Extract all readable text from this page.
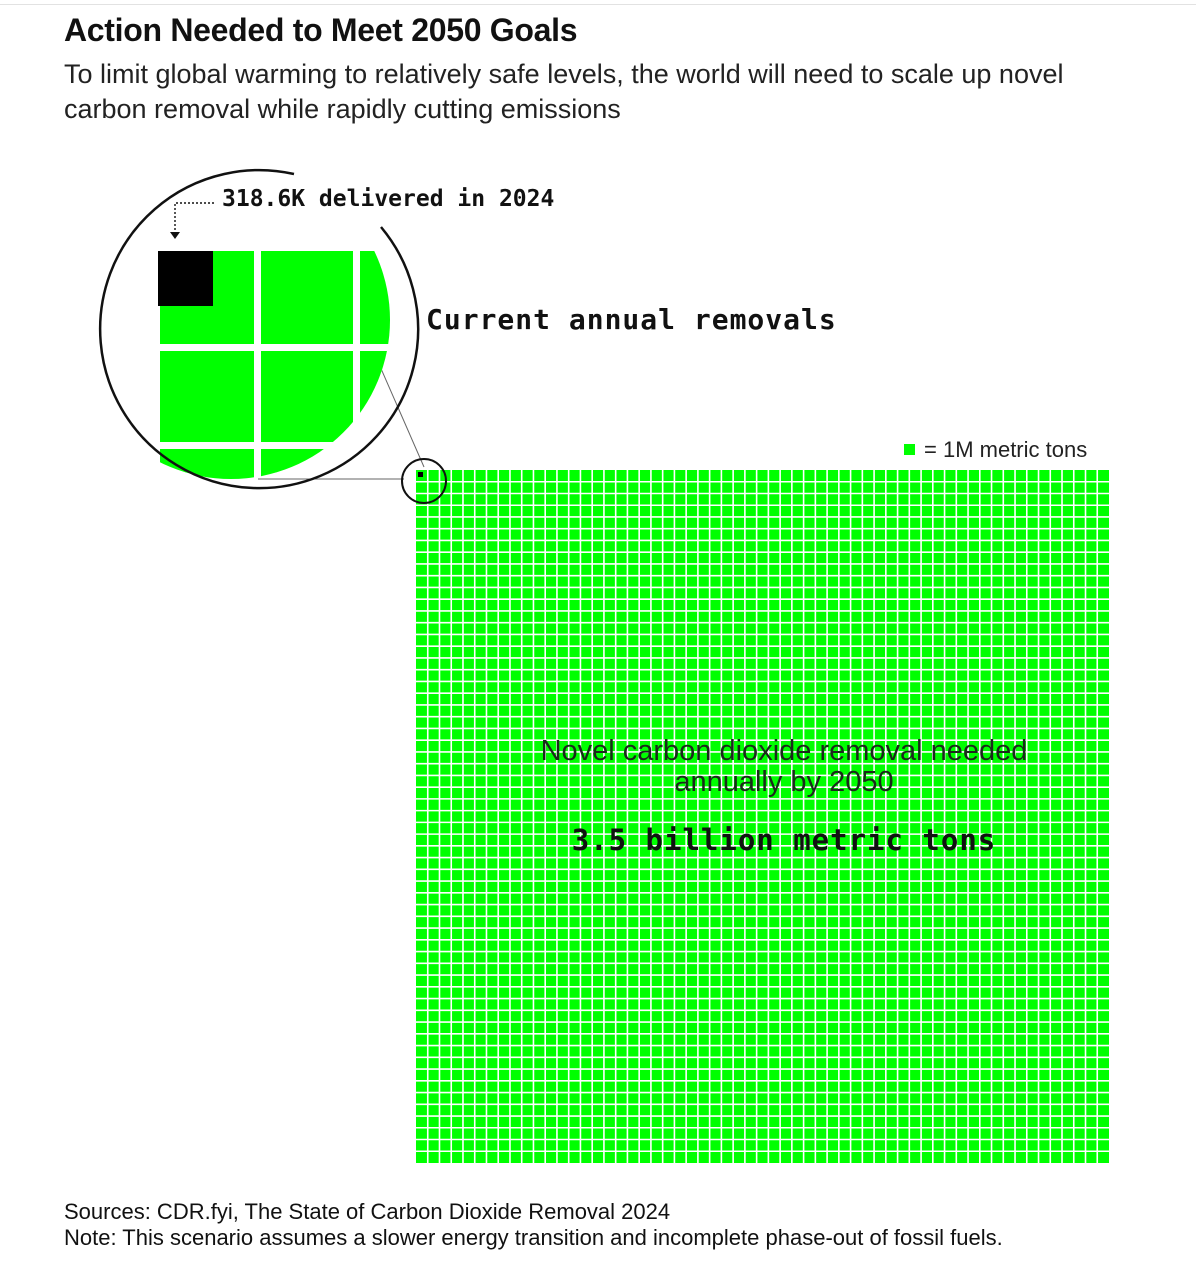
Action Needed to Meet 2050 Goals

To limit global warming to relatively safe levels, the world will need to scale up novel carbon removal while rapidly cutting emissions

= 1M metric tons
318.6K delivered in 2024
Current annual removals
Novel carbon dioxide removal needed
annually by 2050
3.5 billion metric tons
Sources: CDR.fyi, The State of Carbon Dioxide Removal 2024
Note: This scenario assumes a slower energy transition and incomplete phase-out of fossil fuels.
